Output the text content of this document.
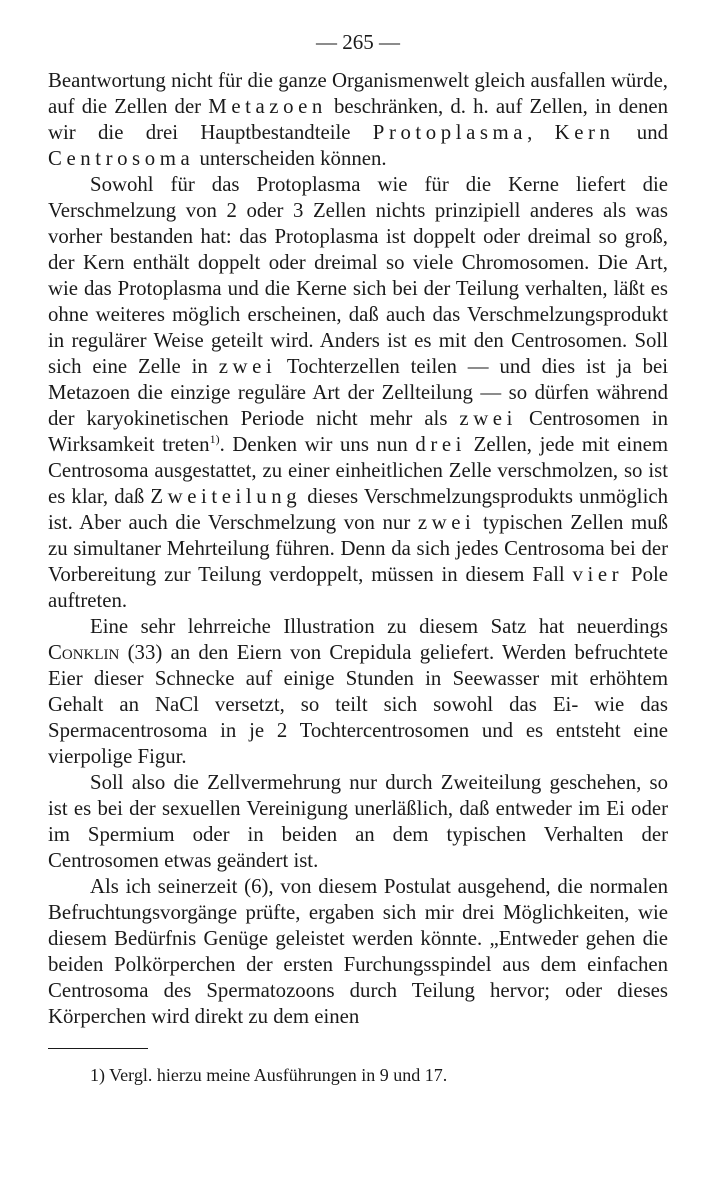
— 265 —

Beantwortung nicht für die ganze Organismenwelt gleich ausfallen würde, auf die Zellen der Metazoen beschränken, d. h. auf Zellen, in denen wir die drei Hauptbestandteile Protoplasma, Kern und Centrosoma unterscheiden können.

Sowohl für das Protoplasma wie für die Kerne liefert die Verschmelzung von 2 oder 3 Zellen nichts prinzipiell anderes als was vorher bestanden hat: das Protoplasma ist doppelt oder dreimal so groß, der Kern enthält doppelt oder dreimal so viele Chromosomen. Die Art, wie das Protoplasma und die Kerne sich bei der Teilung verhalten, läßt es ohne weiteres möglich erscheinen, daß auch das Verschmelzungsprodukt in regulärer Weise geteilt wird. Anders ist es mit den Centrosomen. Soll sich eine Zelle in zwei Tochterzellen teilen — und dies ist ja bei Metazoen die einzige reguläre Art der Zellteilung — so dürfen während der karyokinetischen Periode nicht mehr als zwei Centrosomen in Wirksamkeit treten$^{1)}$. Denken wir uns nun drei Zellen, jede mit einem Centrosoma ausgestattet, zu einer einheitlichen Zelle verschmolzen, so ist es klar, daß Zweiteilung dieses Verschmelzungsprodukts unmöglich ist. Aber auch die Verschmelzung von nur zwei typischen Zellen muß zu simultaner Mehrteilung führen. Denn da sich jedes Centrosoma bei der Vorbereitung zur Teilung verdoppelt, müssen in diesem Fall vier Pole auftreten.

Eine sehr lehrreiche Illustration zu diesem Satz hat neuerdings Conklin (33) an den Eiern von Crepidula geliefert. Werden befruchtete Eier dieser Schnecke auf einige Stunden in Seewasser mit erhöhtem Gehalt an NaCl versetzt, so teilt sich sowohl das Ei- wie das Spermacentrosoma in je 2 Tochtercentrosomen und es entsteht eine vierpolige Figur.

Soll also die Zellvermehrung nur durch Zweiteilung geschehen, so ist es bei der sexuellen Vereinigung unerläßlich, daß entweder im Ei oder im Spermium oder in beiden an dem typischen Verhalten der Centrosomen etwas geändert ist.

Als ich seinerzeit (6), von diesem Postulat ausgehend, die normalen Befruchtungsvorgänge prüfte, ergaben sich mir drei Möglichkeiten, wie diesem Bedürfnis Genüge geleistet werden könnte. „Entweder gehen die beiden Polkörperchen der ersten Furchungsspindel aus dem einfachen Centrosoma des Spermatozoons durch Teilung hervor; oder dieses Körperchen wird direkt zu dem einen

1) Vergl. hierzu meine Ausführungen in 9 und 17.
